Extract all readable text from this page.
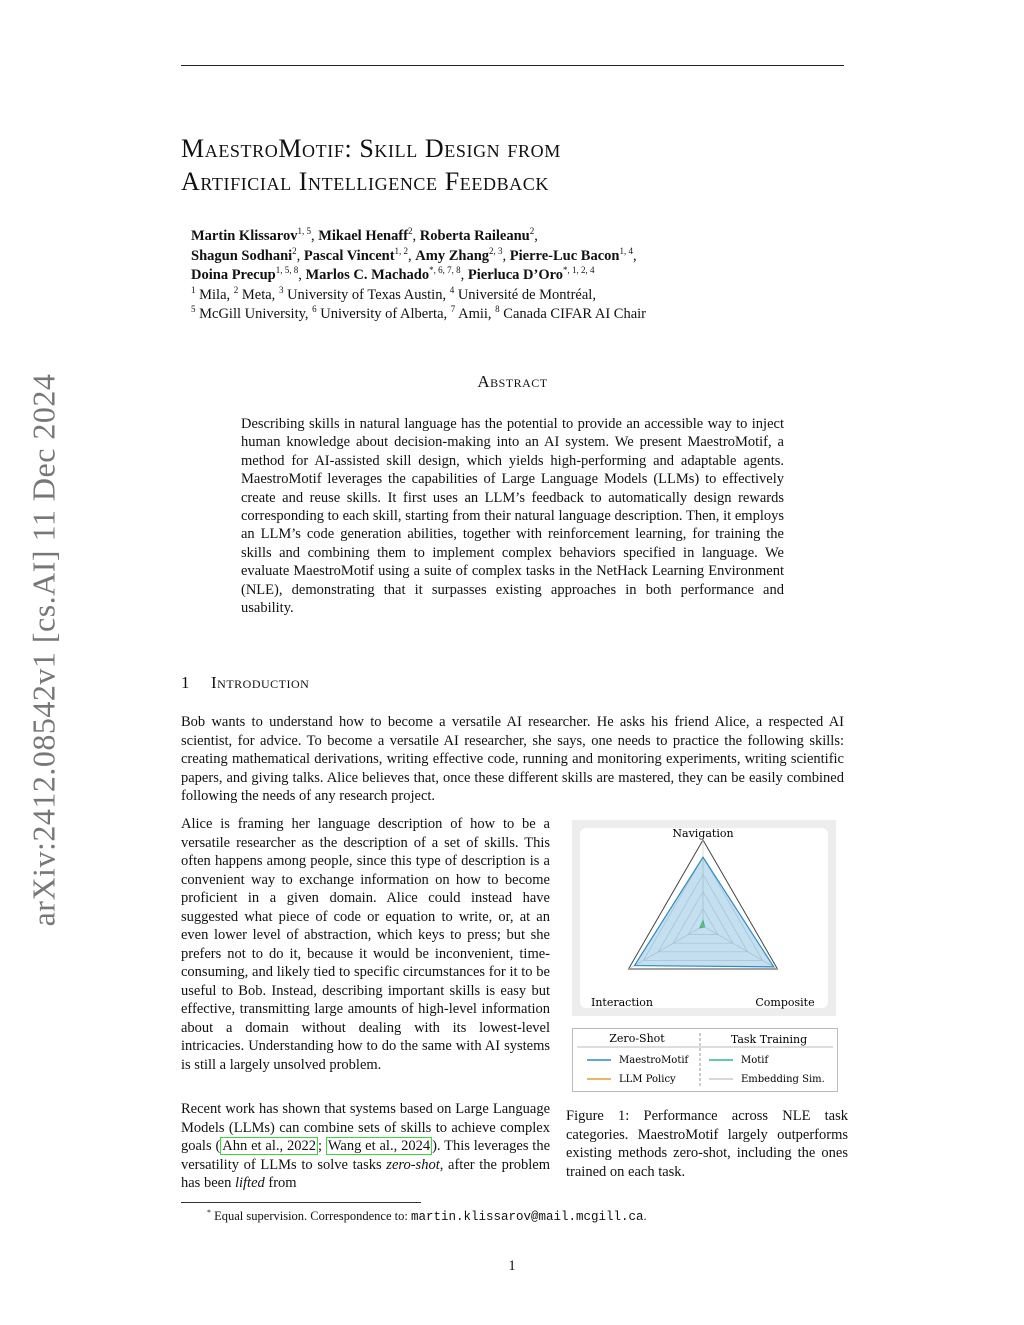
arXiv:2412.08542v1 [cs.AI] 11 Dec 2024
MaestroMotif: Skill Design from
Artificial Intelligence Feedback
Martin Klissarov$^{1, 5}$, Mikael Henaff$^2$, Roberta Raileanu$^2$,
Shagun Sodhani$^2$, Pascal Vincent$^{1, 2}$, Amy Zhang$^{2, 3}$, Pierre-Luc Bacon$^{1, 4}$,
Doina Precup$^{1, 5, 8}$, Marlos C. Machado$^{*, 6, 7, 8}$, Pierluca D’Oro$^{*, 1, 2, 4}$
$^1$ Mila, $^2$ Meta, $^3$ University of Texas Austin, $^4$ Université de Montréal,
$^5$ McGill University, $^6$ University of Alberta, $^7$ Amii, $^8$ Canada CIFAR AI Chair
Abstract
Describing skills in natural language has the potential to provide an accessible way to inject human knowledge about decision-making into an AI system. We present MaestroMotif, a method for AI-assisted skill design, which yields high-performing and adaptable agents. MaestroMotif leverages the capabilities of Large Language Models (LLMs) to effectively create and reuse skills. It first uses an LLM’s feedback to automatically design rewards corresponding to each skill, starting from their natural language description. Then, it employs an LLM’s code generation abilities, together with reinforcement learning, for training the skills and combining them to implement complex behaviors specified in language. We evaluate MaestroMotif using a suite of complex tasks in the NetHack Learning Environment (NLE), demonstrating that it surpasses existing approaches in both performance and usability.
1 Introduction
Bob wants to understand how to become a versatile AI researcher. He asks his friend Alice, a respected AI scientist, for advice. To become a versatile AI researcher, she says, one needs to practice the following skills: creating mathematical derivations, writing effective code, running and monitoring experiments, writing scientific papers, and giving talks. Alice believes that, once these different skills are mastered, they can be easily combined following the needs of any research project.
Alice is framing her language description of how to be a versatile researcher as the description of a set of skills. This often happens among people, since this type of description is a convenient way to exchange information on how to become proficient in a given domain. Alice could instead have suggested what piece of code or equation to write, or, at an even lower level of abstraction, which keys to press; but she prefers not to do it, because it would be inconvenient, time-consuming, and likely tied to specific circumstances for it to be useful to Bob. Instead, describing important skills is easy but effective, transmitting large amounts of high-level information about a domain without dealing with its lowest-level intricacies. Understanding how to do the same with AI systems is still a largely unsolved problem.
Recent work has shown that systems based on Large Language Models (LLMs) can combine sets of skills to achieve complex goals ( Ahn et al., 2022 ; Wang et al., 2024 ). This leverages the versatility of LLMs to solve tasks zero-shot, after the problem has been lifted from
Navigation
Composite
Interaction
Zero-Shot	Task Training
MaestroMotif	Motif
LLM Policy	Embedding Sim.
Figure 1: Performance across NLE task categories. MaestroMotif largely outperforms existing methods zero-shot, including the ones trained on each task.
* Equal supervision. Correspondence to: martin.klissarov@mail.mcgill.ca.
1
